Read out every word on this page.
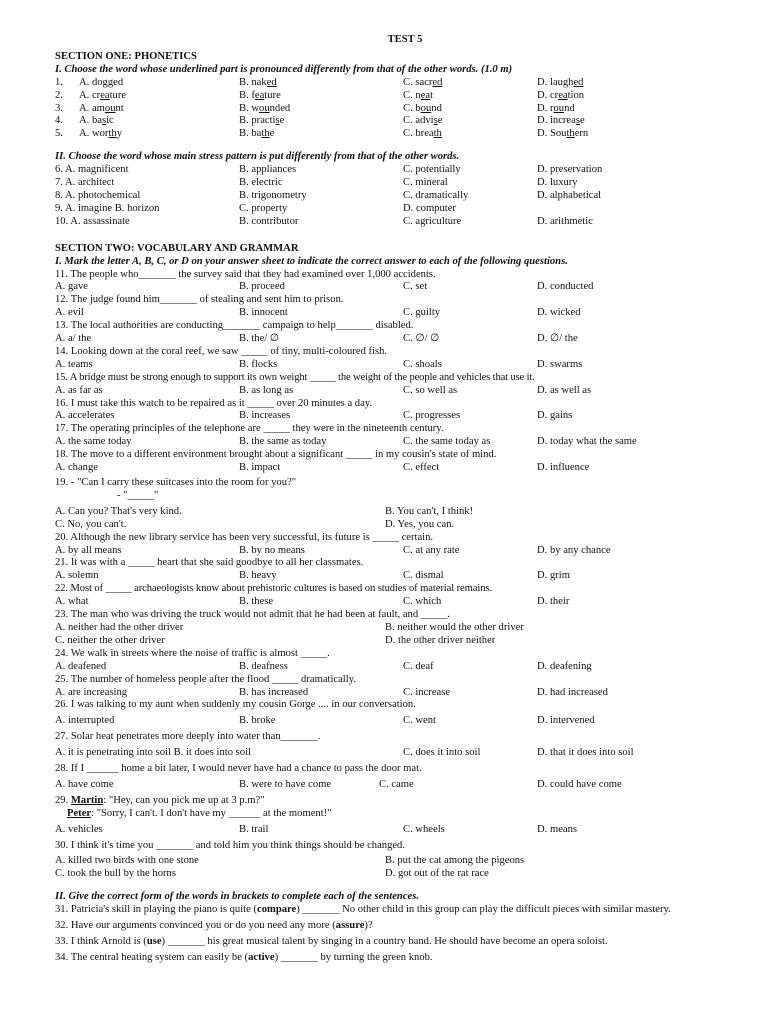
TEST 5
SECTION ONE: PHONETICS
I. Choose the word whose underlined part is pronounced differently from that of the other words. (1.0 m)
1.	A. dogged	B. naked	C. sacred	D. laughed
2.	A. creature	B. feature	C. neat	D. creation
3.	A. amount	B. wounded	C. bound	D. round
4.	A. basic	B. practise	C. advise	D. increase
5.	A. worthy	B. bathe	C. breath	D. Southern
II. Choose the word whose main stress pattern is put differently from that of the other words.
6. A. magnificent	B. appliances	C. potentially	D. preservation
7. A. architect	B. electric	C. mineral	D. luxury
8. A. photochemical	B. trigonometry	C. dramatically	D. alphabetical
9. A. imagine B. horizon	C. property	D. computer
10. A. assassinate	B. contributor	C. agriculture	D. arithmetic
SECTION TWO: VOCABULARY AND GRAMMAR
I. Mark the letter A, B, C, or D on your answer sheet to indicate the correct answer to each of the following questions.
11. The people who_______ the survey said that they had examined over 1,000 accidents.
A. gave	B. proceed	C. set	D. conducted
12. The judge found him_______ of stealing and sent him to prison.
A. evil	B. innocent	C. guilty	D. wicked
13. The local authorities are conducting_______ campaign to help_______ disabled.
A. a/ the	B. the/ ∅	C. ∅/ ∅	D. ∅/ the
14. Looking down at the coral reef, we saw _____ of tiny, multi-coloured fish.
A. teams	B. flocks	C. shoals	D. swarms
15. A bridge must be strong enough to support its own weight _____ the weight of the people and vehicles that use it.
A. as far as	B. as long as	C. so well as	D. as well as
16. I must take this watch to be repaired as it _____ over 20 minutes a day.
A. accelerates	B. increases	C. progresses	D. gains
17. The operating principles of the telephone are _____ they were in the nineteenth century.
A. the same today	B. the same as today	C. the same today as	D. today what the same
18. The move to a different environment brought about a significant _____ in my cousin's state of mind.
A. change	B. impact	C. effect	D. influence
19. - "Can I carry these suitcases into the room for you?"
- "_____"
A. Can you? That's very kind.	B. You can't, I think!
C. No, you can't.	D. Yes, you can.
20. Although the new library service has been very successful, its future is _____ certain.
A. by all means	B. by no means	C. at any rate	D. by any chance
21. It was with a _____ heart that she said goodbye to all her classmates.
A. solemn	B. heavy	C. dismal	D. grim
22. Most of _____ archaeologists know about prehistoric cultures is based on studies of material remains.
A. what	B. these	C. which	D. their
23. The man who was driving the truck would not admit that he had been at fault, and _____.
A. neither had the other driver	B. neither would the other driver
C. neither the other driver	D. the other driver neither
24. We walk in streets where the noise of traffic is almost _____.
A. deafened	B. deafness	C. deaf	D. deafening
25. The number of homeless people after the flood _____ dramatically.
A. are increasing	B. has increased	C. increase	D. had increased
26. I was talking to my aunt when suddenly my cousin Gorge .... in our conversation.
A. interrupted	B. broke	C. went	D. intervened
27. Solar heat penetrates more deeply into water than_______.
A. it is penetrating into soil B. it does into soil	C. does it into soil	D. that it does into soil
28. If I ______ home a bit later, I would never have had a chance to pass the door mat.
A. have come	B. were to have come	C. came	D. could have come
29. Martin: "Hey, can you pick me up at 3 p.m?"
Peter: "Sorry, I can't. I don't have my ______ at the moment!"
A. vehicles	B. trail	C. wheels	D. means
30. I think it's time you _______ and told him you think things should be changed.
A. killed two birds with one stone	B. put the cat among the pigeons
C. took the bull by the horns	D. got out of the rat race
II. Give the correct form of the words in brackets to complete each of the sentences.
31. Patricia's skill in playing the piano is quite (compare) _______ No other child in this group can play the difficult pieces with similar mastery.
32. Have our arguments convinced you or do you need any more (assure)?
33. I think Arnold is (use) _______ his great musical talent by singing in a country band. He should have become an opera soloist.
34. The central heating system can easily be (active) _______ by turning the green knob.
